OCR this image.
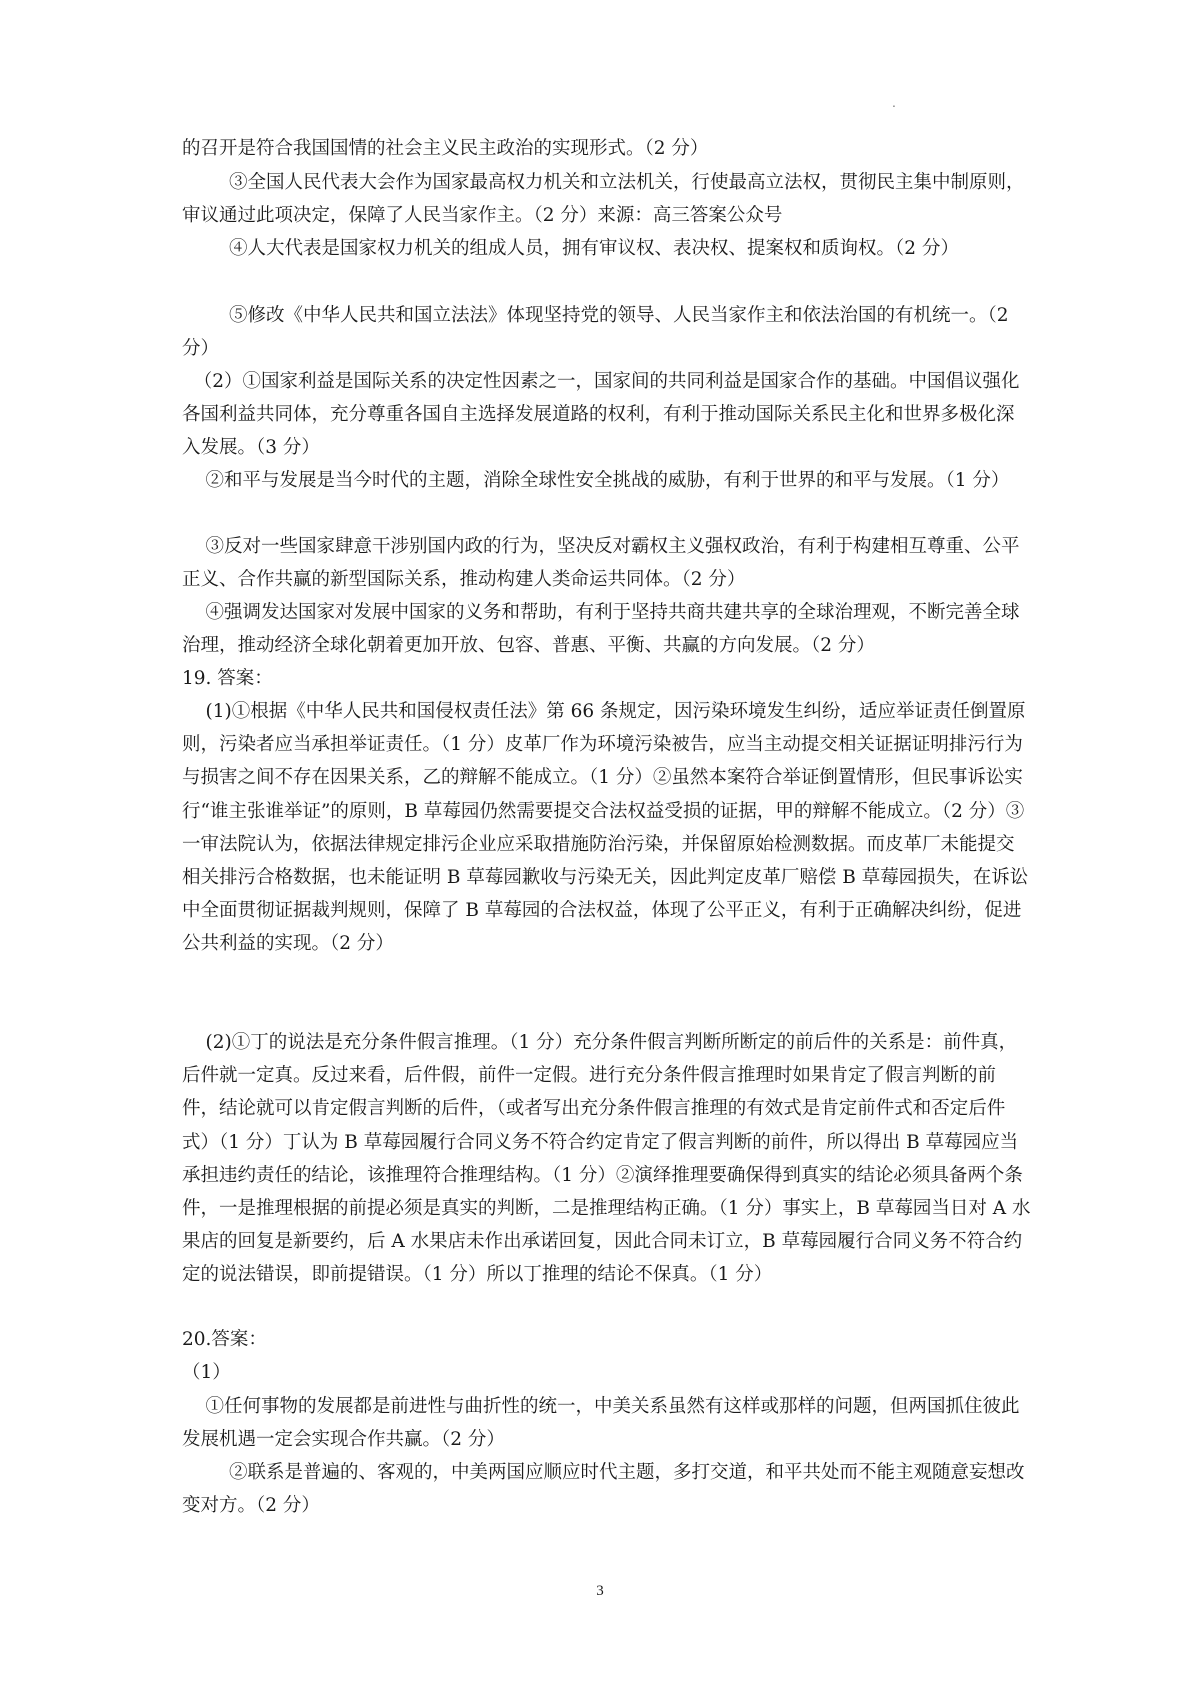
.

的召开是符合我国国情的社会主义民主政治的实现形式。（2 分）

③全国人民代表大会作为国家最高权力机关和立法机关，行使最高立法权，贯彻民主集中制原则，审议通过此项决定，保障了人民当家作主。（2 分）来源：高三答案公众号

④人大代表是国家权力机关的组成人员，拥有审议权、表决权、提案权和质询权。（2 分）

⑤修改《中华人民共和国立法法》体现坚持党的领导、人民当家作主和依法治国的有机统一。（2 分）

（2）①国家利益是国际关系的决定性因素之一，国家间的共同利益是国家合作的基础。中国倡议强化各国利益共同体，充分尊重各国自主选择发展道路的权利，有利于推动国际关系民主化和世界多极化深入发展。（3 分）

②和平与发展是当今时代的主题，消除全球性安全挑战的威胁，有利于世界的和平与发展。（1 分）

③反对一些国家肆意干涉别国内政的行为，坚决反对霸权主义强权政治，有利于构建相互尊重、公平正义、合作共赢的新型国际关系，推动构建人类命运共同体。（2 分）

④强调发达国家对发展中国家的义务和帮助，有利于坚持共商共建共享的全球治理观，不断完善全球治理，推动经济全球化朝着更加开放、包容、普惠、平衡、共赢的方向发展。（2 分）

19. 答案：

(1)①根据《中华人民共和国侵权责任法》第 66 条规定，因污染环境发生纠纷，适应举证责任倒置原则，污染者应当承担举证责任。（1 分）皮革厂作为环境污染被告，应当主动提交相关证据证明排污行为与损害之间不存在因果关系，乙的辩解不能成立。（1 分）②虽然本案符合举证倒置情形，但民事诉讼实行“谁主张谁举证”的原则，B 草莓园仍然需要提交合法权益受损的证据，甲的辩解不能成立。（2 分）③一审法院认为，依据法律规定排污企业应采取措施防治污染，并保留原始检测数据。而皮革厂未能提交相关排污合格数据，也未能证明 B 草莓园歉收与污染无关，因此判定皮革厂赔偿 B 草莓园损失，在诉讼中全面贯彻证据裁判规则，保障了 B 草莓园的合法权益，体现了公平正义，有利于正确解决纠纷，促进公共利益的实现。（2 分）

(2)①丁的说法是充分条件假言推理。（1 分）充分条件假言判断所断定的前后件的关系是：前件真，后件就一定真。反过来看，后件假，前件一定假。进行充分条件假言推理时如果肯定了假言判断的前件，结论就可以肯定假言判断的后件，（或者写出充分条件假言推理的有效式是肯定前件式和否定后件式）（1 分）丁认为 B 草莓园履行合同义务不符合约定肯定了假言判断的前件，所以得出 B 草莓园应当承担违约责任的结论，该推理符合推理结构。（1 分）②演绎推理要确保得到真实的结论必须具备两个条件，一是推理根据的前提必须是真实的判断，二是推理结构正确。（1 分）事实上，B 草莓园当日对 A 水果店的回复是新要约，后 A 水果店未作出承诺回复，因此合同未订立，B 草莓园履行合同义务不符合约定的说法错误，即前提错误。（1 分）所以丁推理的结论不保真。（1 分）

20.答案：

（1）

①任何事物的发展都是前进性与曲折性的统一，中美关系虽然有这样或那样的问题，但两国抓住彼此发展机遇一定会实现合作共赢。（2 分）

②联系是普遍的、客观的，中美两国应顺应时代主题，多打交道，和平共处而不能主观随意妄想改变对方。（2 分）

3
